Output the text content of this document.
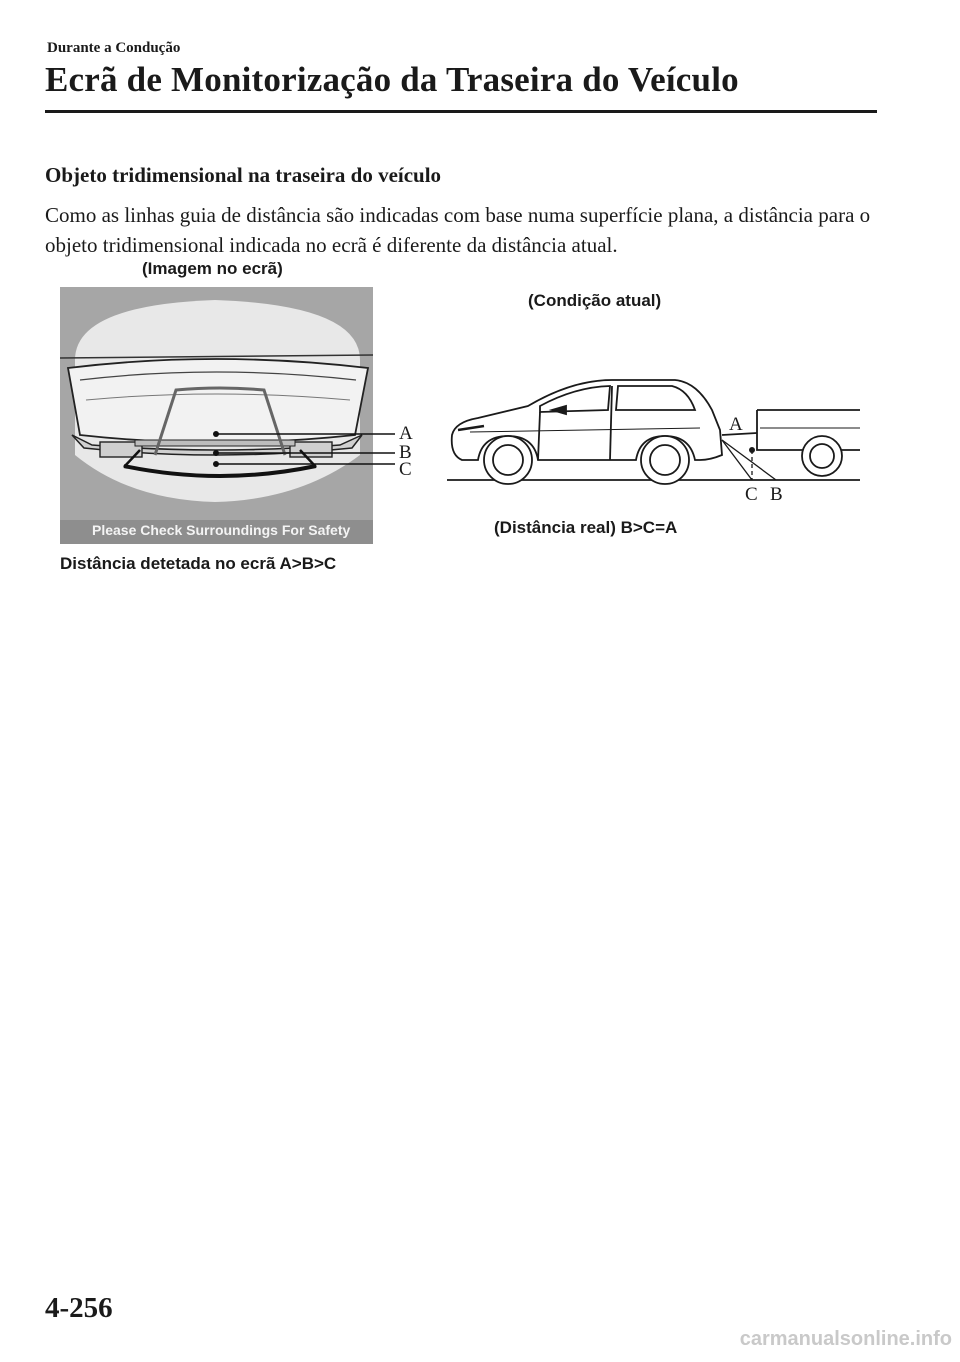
Durante a Condução
Ecrã de Monitorização da Traseira do Veículo
Objeto tridimensional na traseira do veículo

Como as linhas guia de distância são indicadas com base numa superfície plana, a distância para o objeto tridimensional indicada no ecrã é diferente da distância atual.

(Imagem no ecrã)
(Condição atual)
Please Check Surroundings For Safety
A
B
C
A
C B
Distância detetada no ecrã A>B>C
(Distância real) B>C=A
4-256
carmanualsonline.info
